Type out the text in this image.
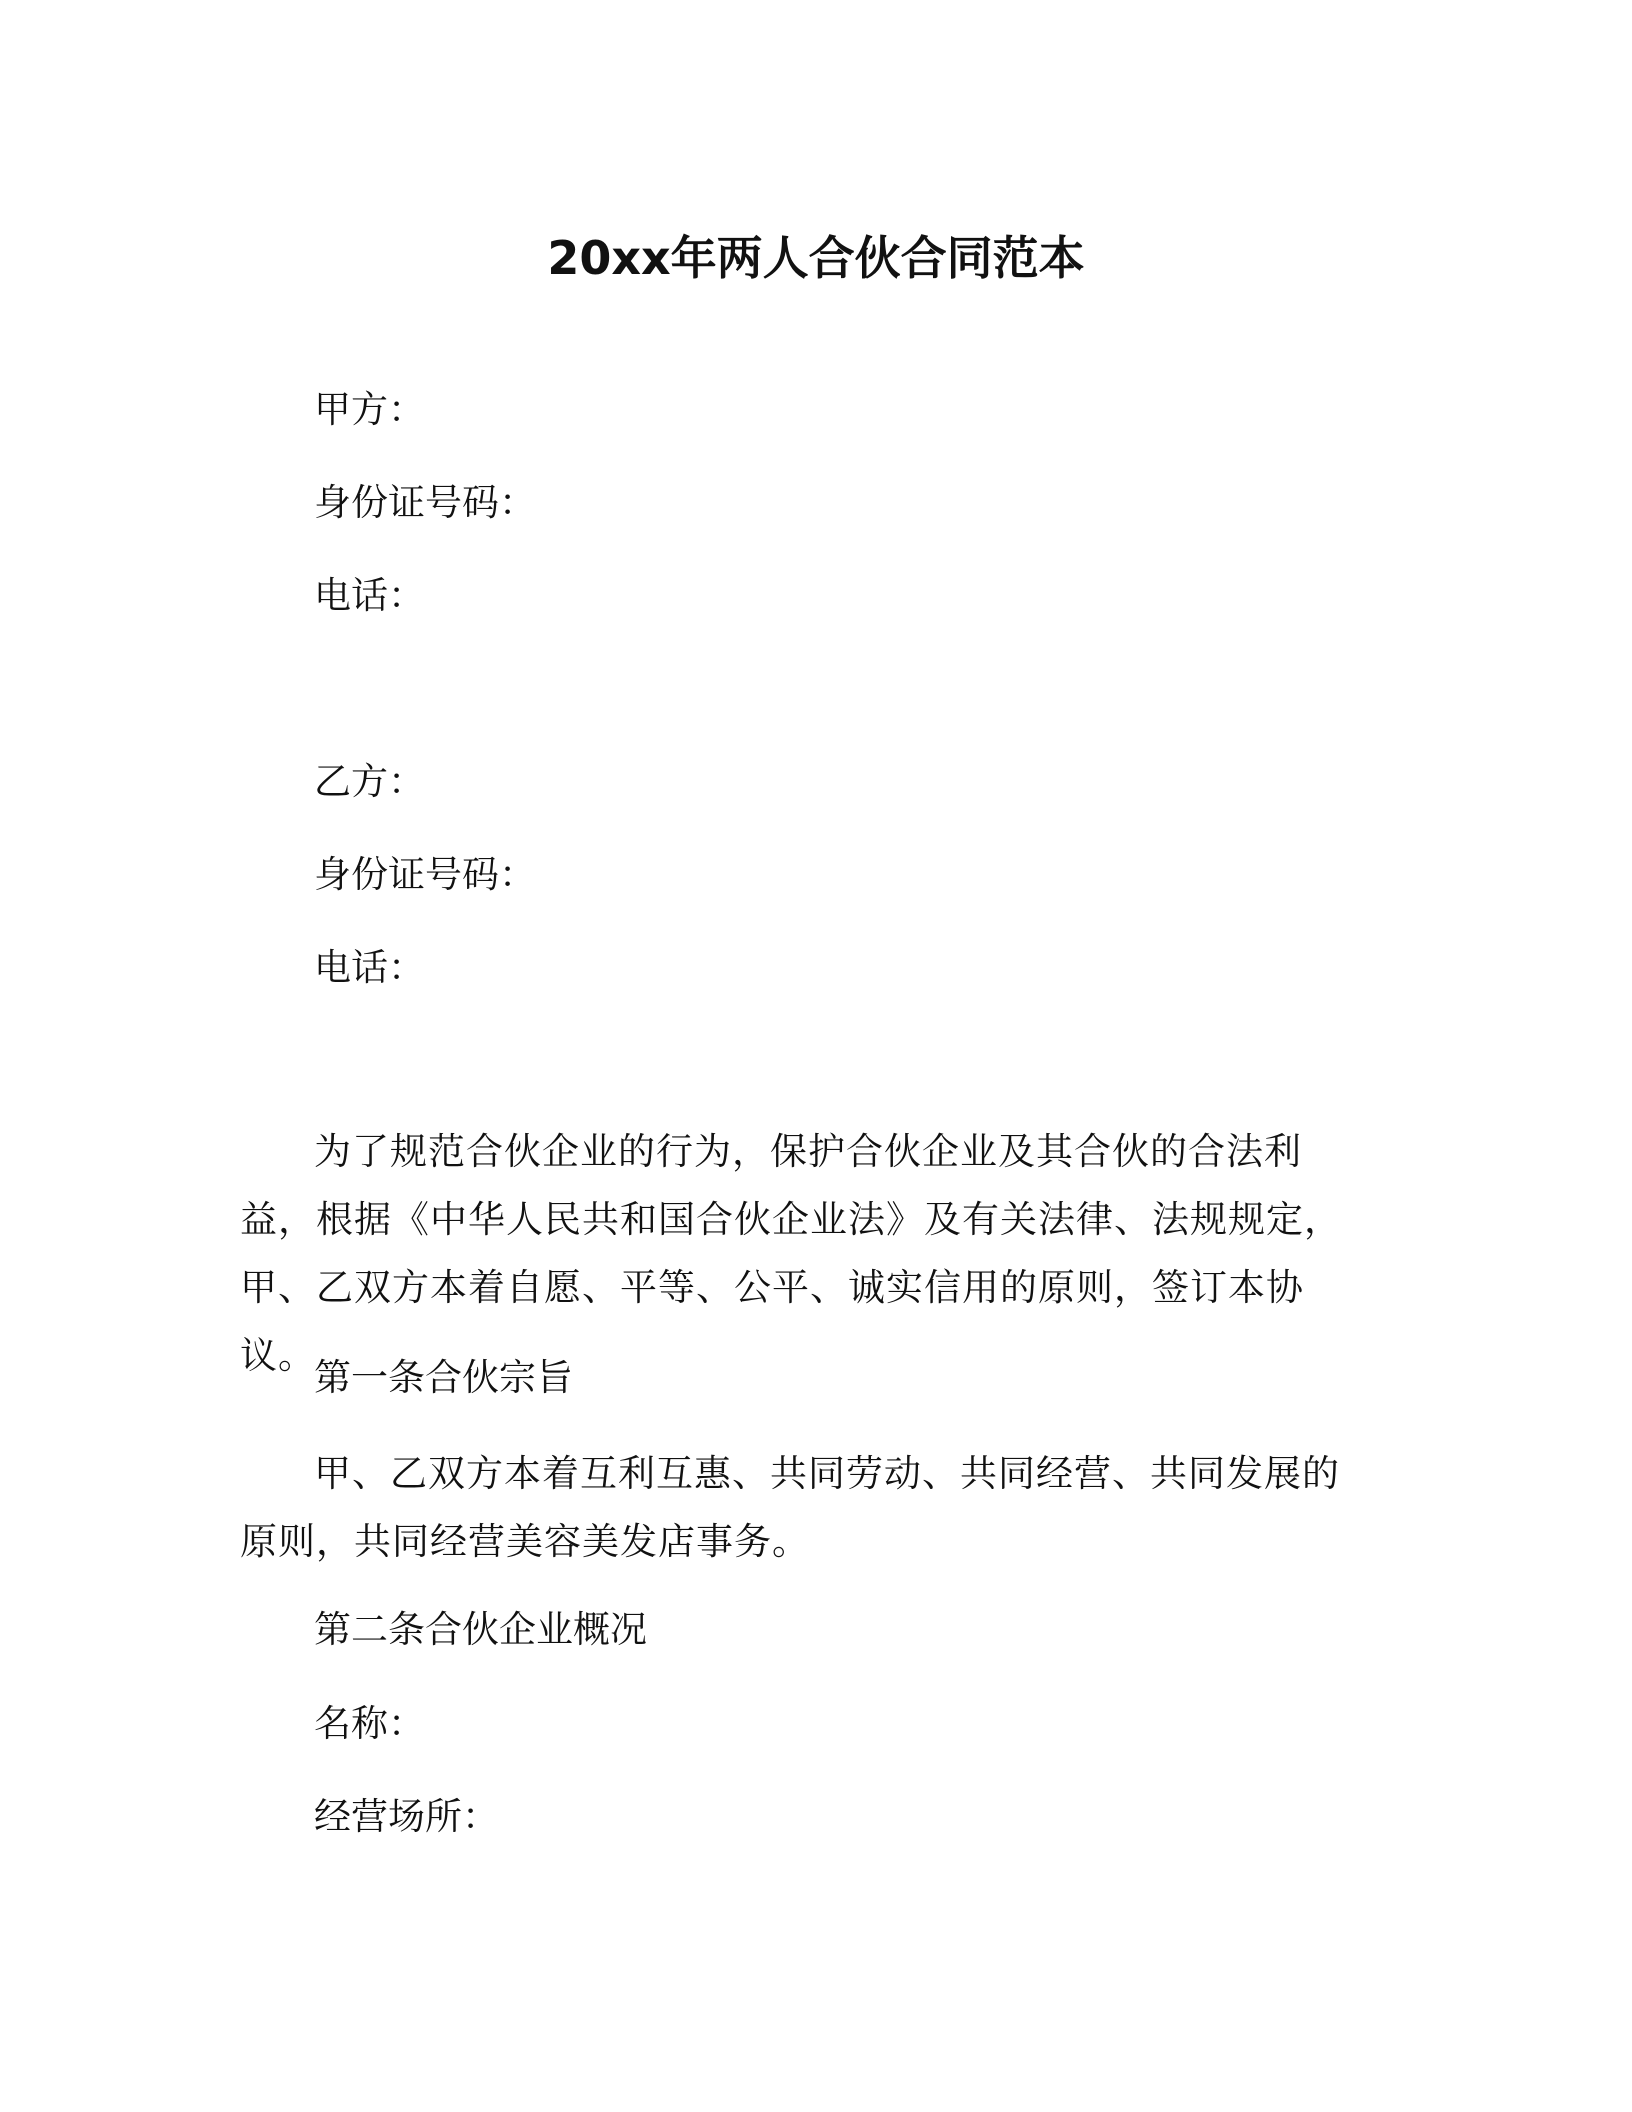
20xx年两人合伙合同范本
甲方：
身份证号码：
电话：
乙方：
身份证号码：
电话：
为了规范合伙企业的行为，保护合伙企业及其合伙的合法利益，根据《中华人民共和国合伙企业法》及有关法律、法规规定，甲、乙双方本着自愿、平等、公平、诚实信用的原则，签订本协议。
第一条合伙宗旨
甲、乙双方本着互利互惠、共同劳动、共同经营、共同发展的原则，共同经营美容美发店事务。
第二条合伙企业概况
名称：
经营场所：
